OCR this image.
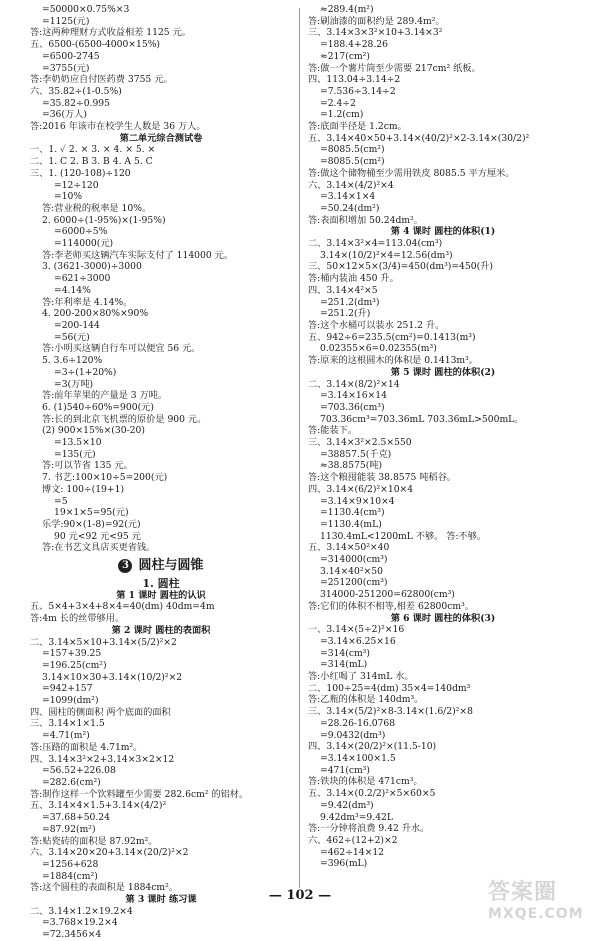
=50000×0.75%×3
=1125(元)
答:这两种理财方式收益相差 1125 元。
五、6500-(6500-4000×15%)
=6500-2745
=3755(元)
答:李奶奶应自付医药费 3755 元。
六、35.82÷(1-0.5%)
=35.82÷0.995
=36(万人)
答:2016 年该市在校学生人数是 36 万人。
第二单元综合测试卷
一、1. ✓ 2. × 3. × 4. × 5. ×
二、1. C 2. B 3. B 4. A 5. C
三、1. (120-108)÷120
=12÷120
=10%
答:营业税的税率是 10%。
2. 6000÷(1-95%)×(1-95%)
=6000÷5%
=114000(元)
答:李老师买这辆汽车实际支付了 114000 元。
3. (3621-3000)÷3000
=621÷3000
=4.14%
答:年利率是 4.14%。
4. 200-200×80%×90%
=200-144
=56(元)
答:小明买这辆自行车可以便宜 56 元。
5. 3.6÷120%
=3÷(1+20%)
=3(万吨)
答:前年苹果的产量是 3 万吨。
6. (1)540÷60%=900(元)
答:长的到北京飞机票的原价是 900 元。
(2) 900×15%×(30-20)
=13.5×10
=135(元)
答:可以节省 135 元。
7. 书艺:100×10÷5=200(元)
博文: 100÷(19+1)
=5
19×1×5=95(元)
乐学:90×(1-8)=92(元)
90 元<92 元<95 元
答:在书艺文具店买更省钱。
3 圆柱与圆锥
1. 圆柱
第 1 课时 圆柱的认识
五、5×4+3×4+8×4=40(dm) 40dm=4m
答:4m 长的丝带够用。
第 2 课时 圆柱的表面积
二、3.14×5×10+3.14×(5/2)²×2
=157+39.25
=196.25(cm²)
3.14×10×30+3.14×(10/2)²×2
=942+157
=1099(dm²)
四、圆柱的侧面积 两个底面的面积
三、3.14×1×1.5
=4.71(m²)
答:压路的面积是 4.71m²。
四、3.14×3²×2+3.14×3×2×12
=56.52+226.08
=282.6(cm²)
答:制作这样一个饮料罐至少需要 282.6cm² 的铝材。
五、3.14×4×1.5+3.14×(4/2)²
=37.68+50.24
=87.92(m²)
答:贴瓷砖的面积是 87.92m²。
六、3.14×20×20+3.14×(20/2)²×2
=1256+628
=1884(cm²)
答:这个圆柱的表面积是 1884cm²。
第 3 课时 练习课
二、3.14×1.2×19.2×4
=3.768×19.2×4
=72.3456×4
≈289.4(m²)
答:刷油漆的面积约是 289.4m²。
三、3.14×3×3²×10+3.14×3²
=188.4+28.26
≈217(cm²)
答:做一个薯片筒至少需要 217cm² 纸板。
四、113.04÷3.14÷2
=7.536÷3.14÷2
=2.4÷2
=1.2(cm)
答:底面半径是 1.2cm。
五、3.14×40×50+3.14×(40/2)²×2-3.14×(30/2)²
=8085.5(cm²)
=8085.5(cm²)
答:做这个储物桶至少需用铁皮 8085.5 平方厘米。
六、3.14×(4/2)²×4
=3.14×1×4
=50.24(dm²)
答:表面积增加 50.24dm²。
第 4 课时 圆柱的体积(1)
二、3.14×3²×4=113.04(cm³)
3.14×(10/2)²×4=12.56(dm³)
三、50×12×5×(3/4)=450(dm³)=450(升)
答:桶内装油 450 升。
四、3.14×4²×5
=251.2(dm³)
=251.2(升)
答:这个水桶可以装水 251.2 升。
五、942÷6=235.5(cm²)=0.1413(m³)
0.02355×6=0.02355(m³)
答:原来的这根圆木的体积是 0.1413m³。
第 5 课时 圆柱的体积(2)
二、3.14×(8/2)²×14
=3.14×16×14
=703.36(cm³)
703.36cm³=703.36mL 703.36mL>500mL。
答:能装下。
三、3.14×3²×2.5×550
=38857.5(千克)
≈38.8575(吨)
答:这个粮囤能装 38.8575 吨稻谷。
四、3.14×(6/2)²×10×4
=3.14×9×10×4
=1130.4(cm³)
=1130.4(mL)
1130.4mL<1200mL 不够。 答:不够。
五、3.14×50²×40
=314000(cm³)
3.14×40²×50
=251200(cm³)
314000-251200=62800(cm³)
答:它们的体积不相等,相差 62800cm³。
第 6 课时 圆柱的体积(3)
一、3.14×(5÷2)²×16
=3.14×6.25×16
=314(cm³)
=314(mL)
答:小红喝了 314mL 水。
二、100÷25=4(dm) 35×4=140dm³
答:乙瓶的体积是 140dm³。
三、3.14×(5/2)²×8-3.14×(1.6/2)²×8
=28.26-16.0768
=9.0432(dm³)
四、3.14×(20/2)²×(11.5-10)
=3.14×100×1.5
=471(cm³)
答:铁块的体积是 471cm³。
五、3.14×(0.2/2)²×5×60×5
=9.42(dm³)
9.42dm³=9.42L
答:一分钟将浪费 9.42 升水。
六、462÷(12+2)×2
=462÷14×12
=396(mL)
— 102 —	答案圈
MXQE.COM
